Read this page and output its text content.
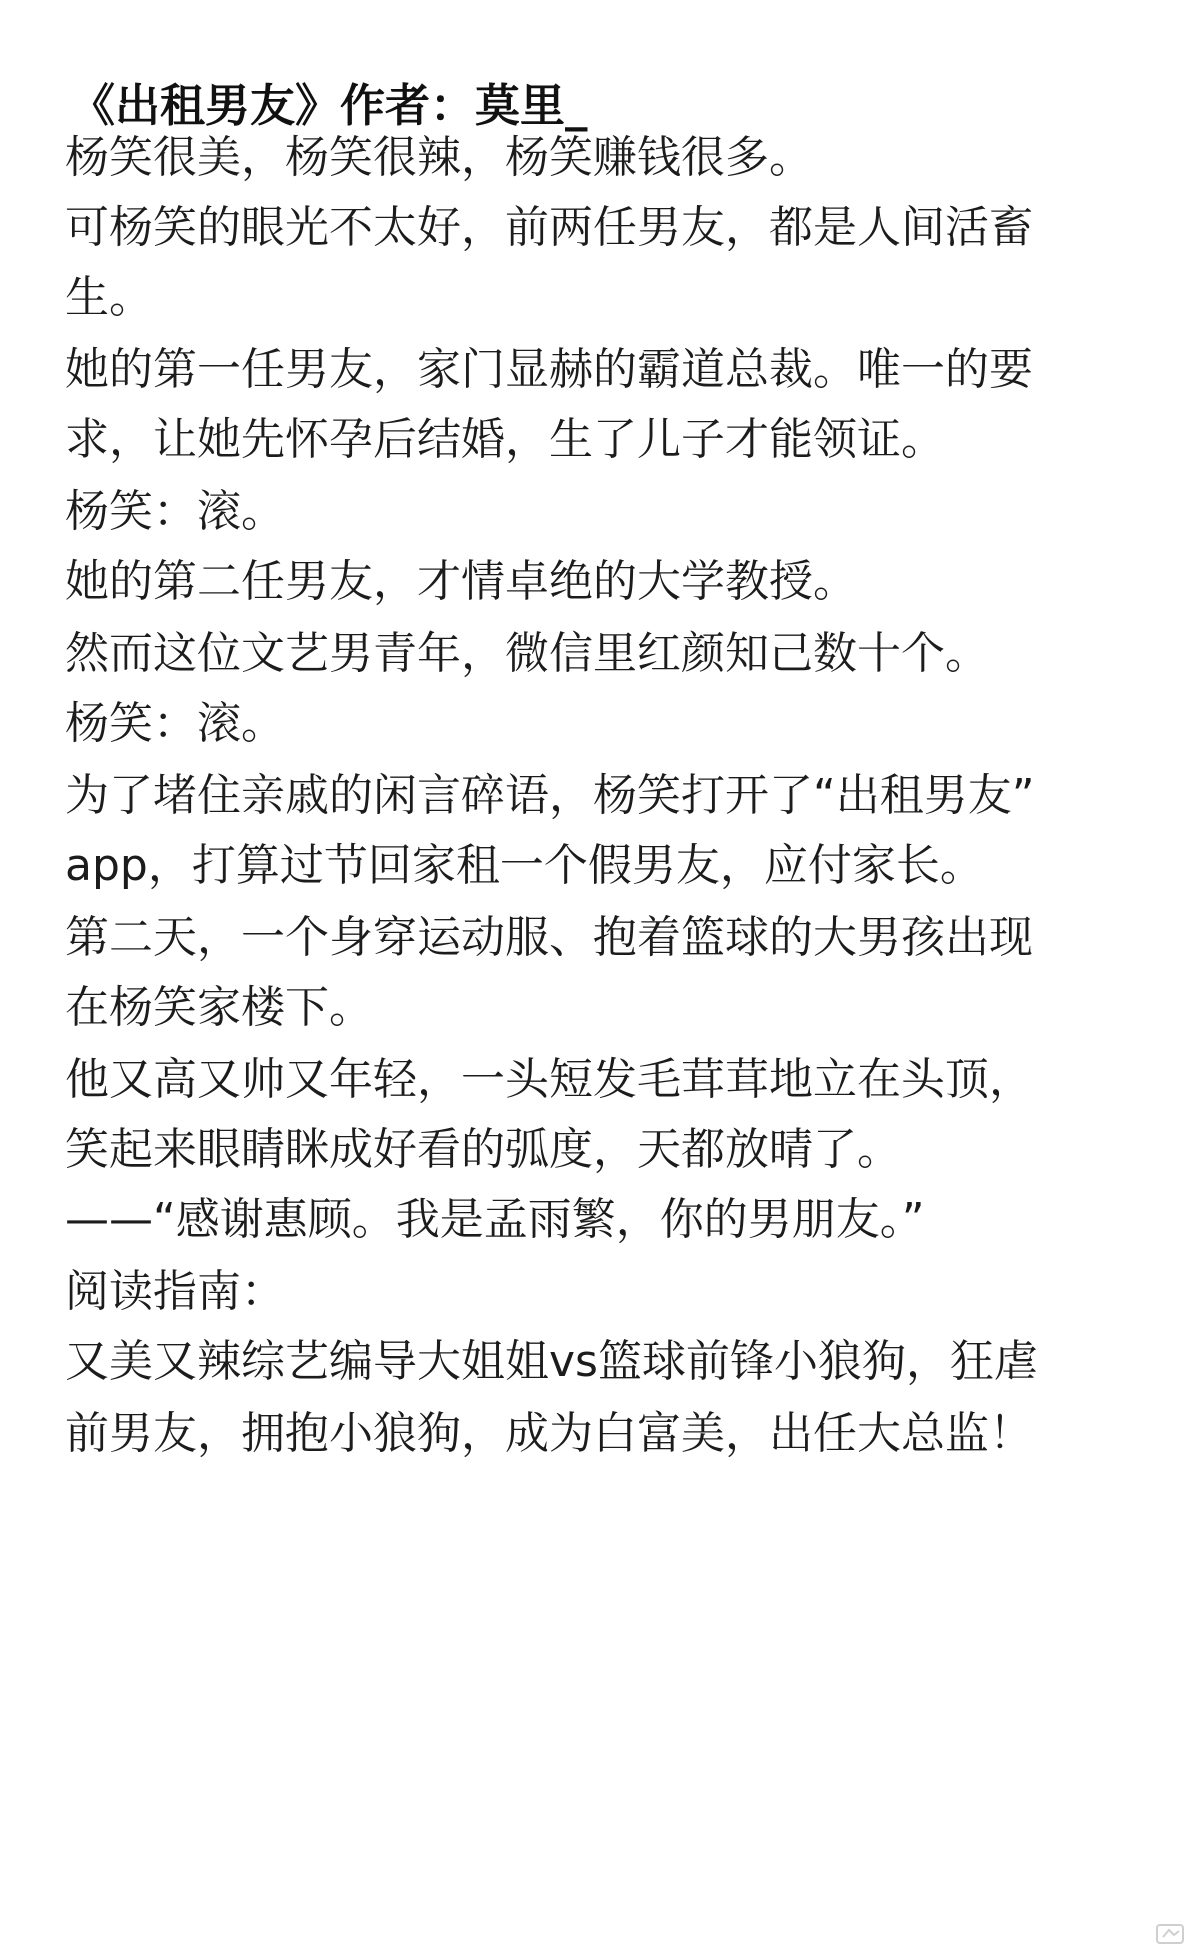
《出租男友》作者：莫里_
杨笑很美，杨笑很辣，杨笑赚钱很多。
可杨笑的眼光不太好，前两任男友，都是人间活畜
生。
她的第一任男友，家门显赫的霸道总裁。唯一的要
求，让她先怀孕后结婚，生了儿子才能领证。
杨笑：滚。
她的第二任男友，才情卓绝的大学教授。
然而这位文艺男青年，微信里红颜知己数十个。
杨笑：滚。
为了堵住亲戚的闲言碎语，杨笑打开了“出租男友”
app，打算过节回家租一个假男友，应付家长。
第二天，一个身穿运动服、抱着篮球的大男孩出现
在杨笑家楼下。
他又高又帅又年轻，一头短发毛茸茸地立在头顶，
笑起来眼睛眯成好看的弧度，天都放晴了。
——“感谢惠顾。我是孟雨繁，你的男朋友。”
阅读指南：
又美又辣综艺编导大姐姐vs篮球前锋小狼狗，狂虐
前男友，拥抱小狼狗，成为白富美，出任大总监！
